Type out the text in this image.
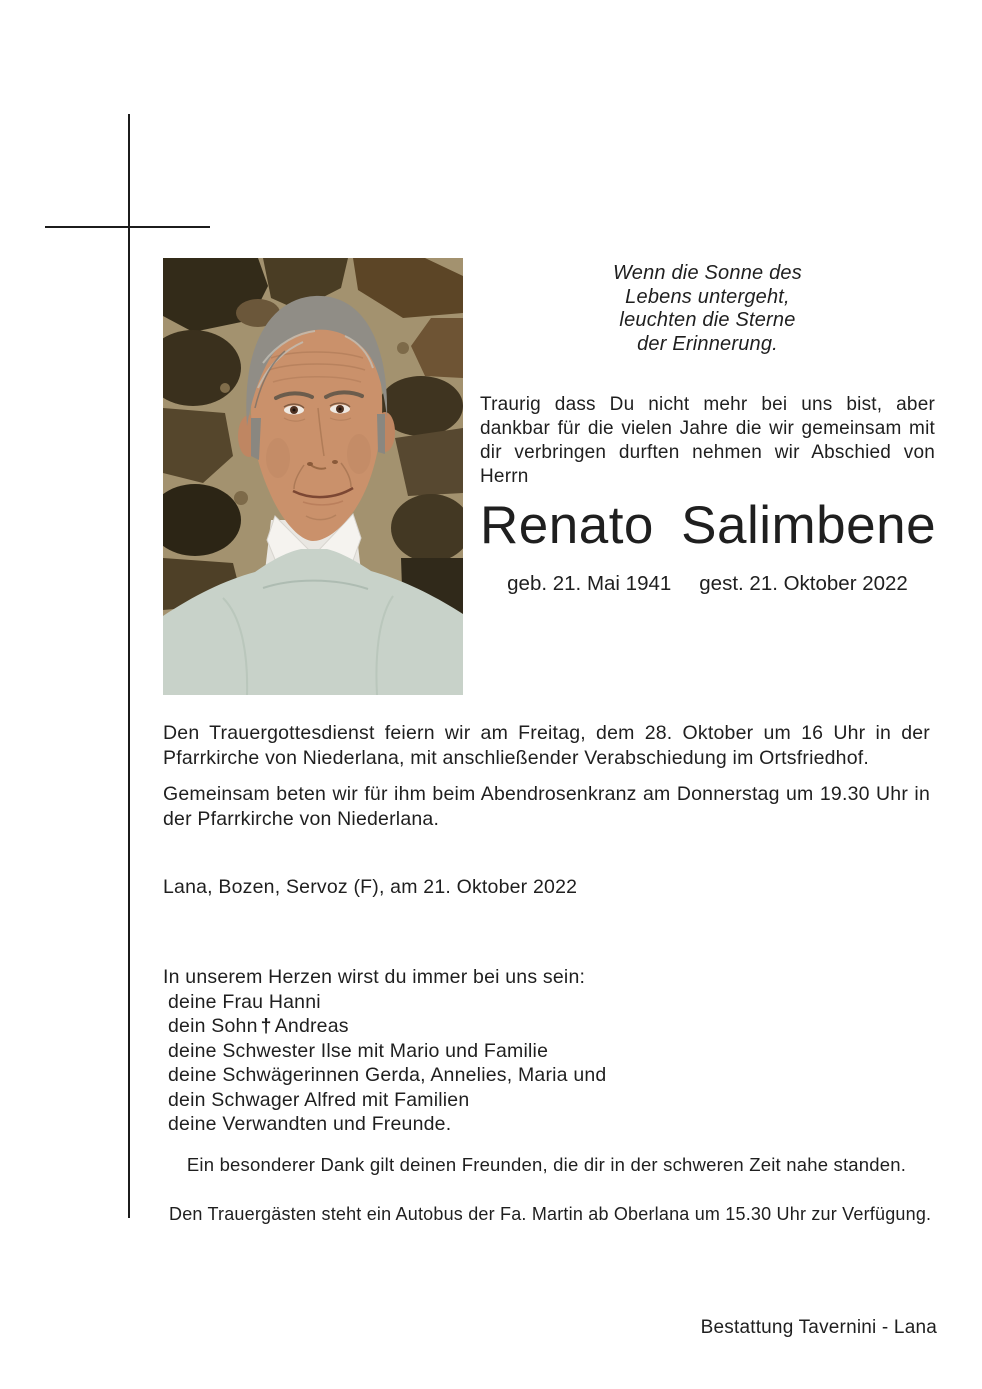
Wenn die Sonne des
Lebens untergeht,
leuchten die Sterne
der Erinnerung.
Traurig dass Du nicht mehr bei uns bist, aber dankbar für die vielen Jahre die wir gemeinsam mit dir verbringen durften nehmen wir Abschied von Herrn
Renato Salimbene
geb. 21. Mai 1941 gest. 21. Oktober 2022
Den Trauergottesdienst feiern wir am Freitag, dem 28. Oktober um 16 Uhr in der Pfarrkirche von Niederlana, mit anschließender Verabschiedung im Ortsfriedhof.
Gemeinsam beten wir für ihm beim Abendrosenkranz am Donnerstag um 19.30 Uhr in der Pfarrkirche von Niederlana.
Lana, Bozen, Servoz (F), am 21. Oktober 2022
In unserem Herzen wirst du immer bei uns sein:
deine Frau Hanni
dein Sohn † Andreas
deine Schwester Ilse mit Mario und Familie
deine Schwägerinnen Gerda, Annelies, Maria und
dein Schwager Alfred mit Familien
deine Verwandten und Freunde.
Ein besonderer Dank gilt deinen Freunden, die dir in der schweren Zeit nahe standen.
Den Trauergästen steht ein Autobus der Fa. Martin ab Oberlana um 15.30 Uhr zur Verfügung.
Bestattung Tavernini - Lana
